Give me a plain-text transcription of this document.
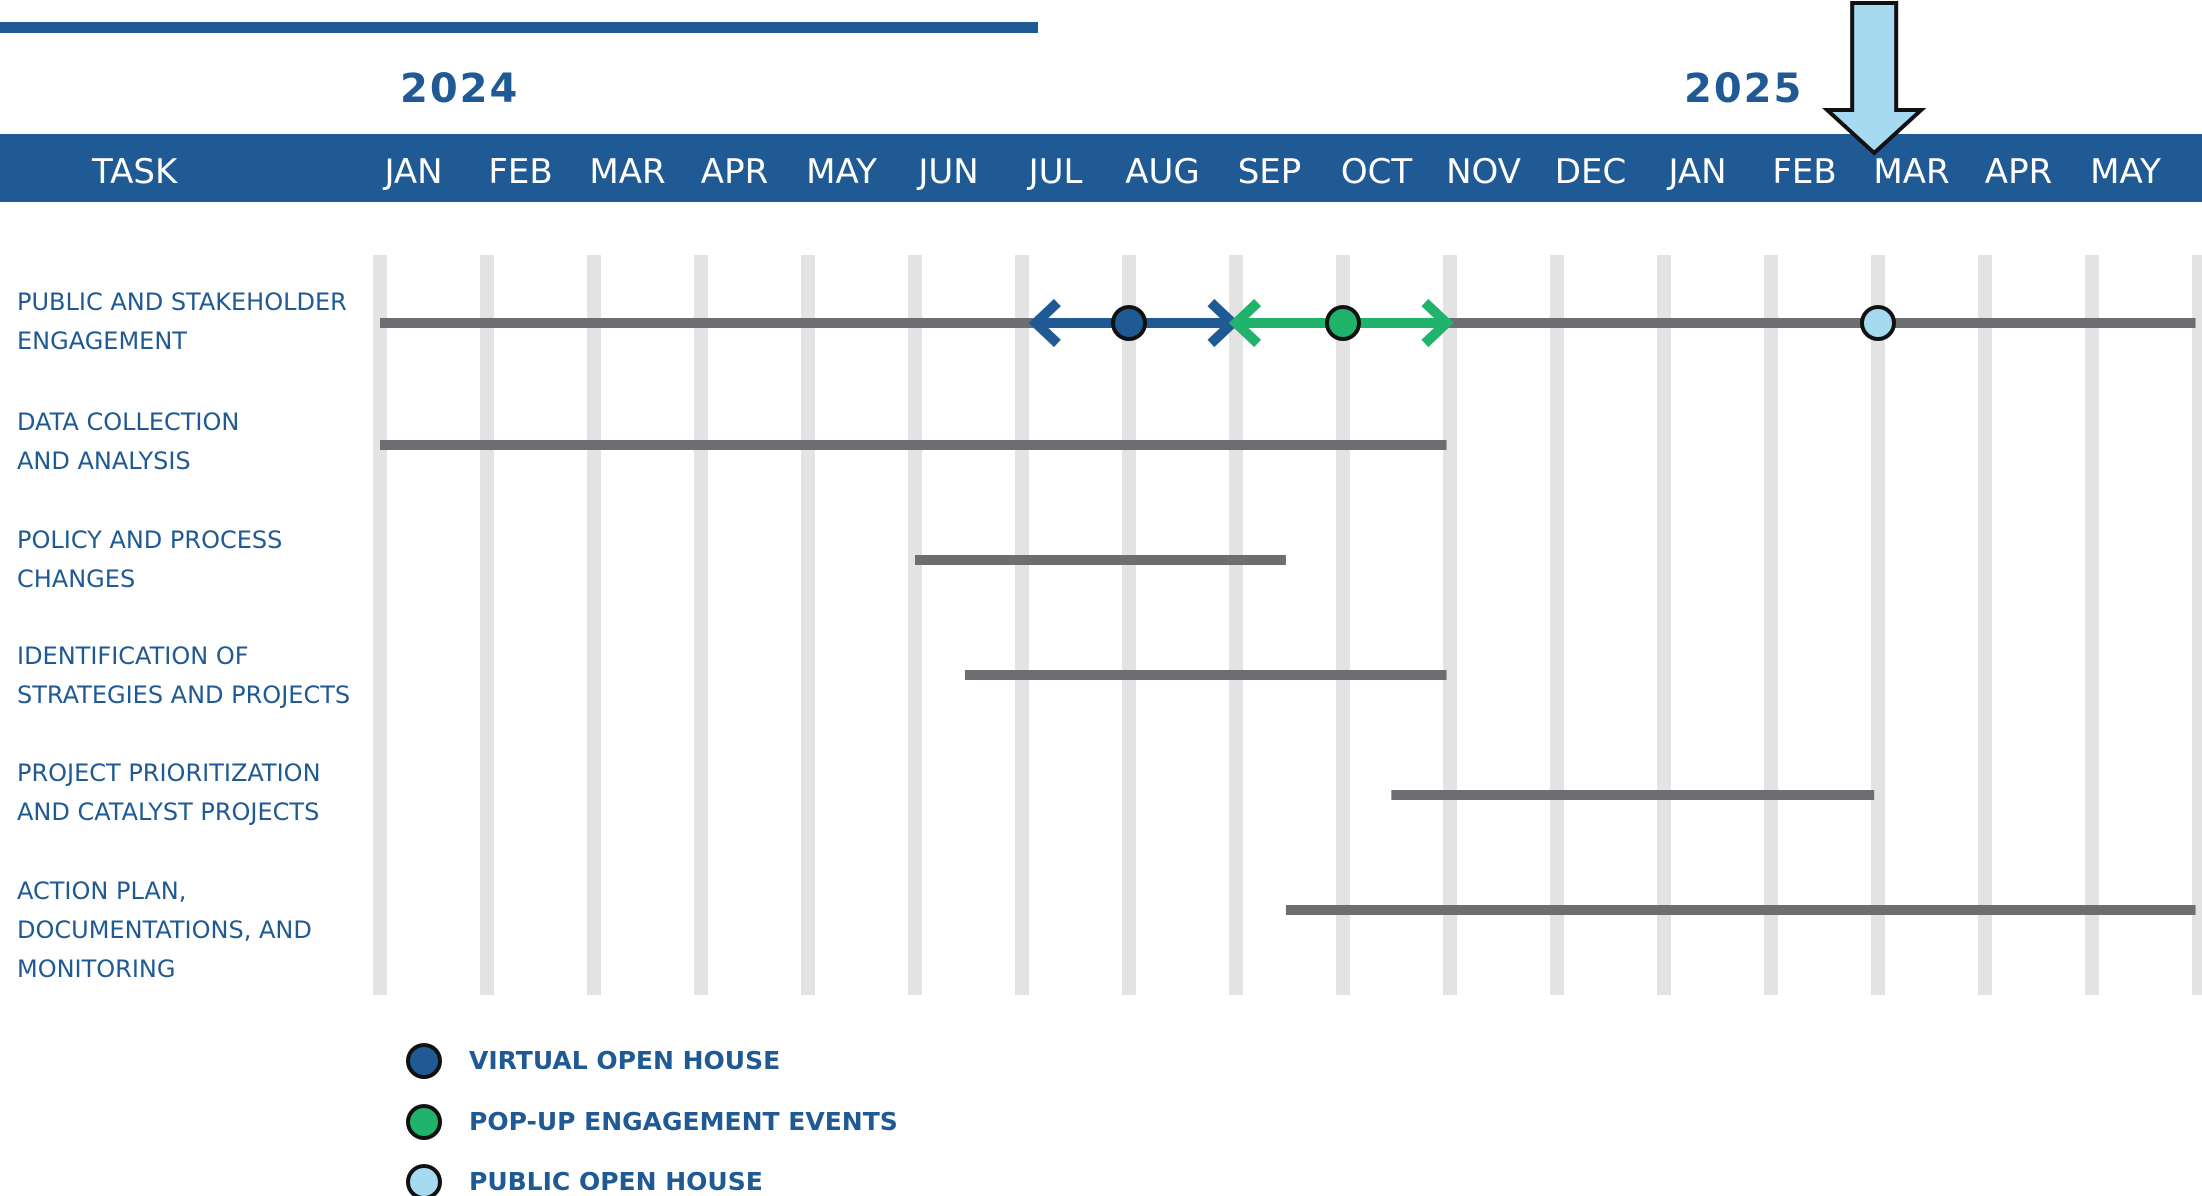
2024	2025
TASK	JAN FEB MAR APR MAY JUN JUL AUG SEP OCT NOV DEC JAN FEB MAR APR MAY
PUBLIC AND STAKEHOLDER
ENGAGEMENT
DATA COLLECTION
AND ANALYSIS
POLICY AND PROCESS
CHANGES
IDENTIFICATION OF
STRATEGIES AND PROJECTS
PROJECT PRIORITIZATION
AND CATALYST PROJECTS
ACTION PLAN,
DOCUMENTATIONS, AND
MONITORING
VIRTUAL OPEN HOUSE
POP-UP ENGAGEMENT EVENTS
PUBLIC OPEN HOUSE
